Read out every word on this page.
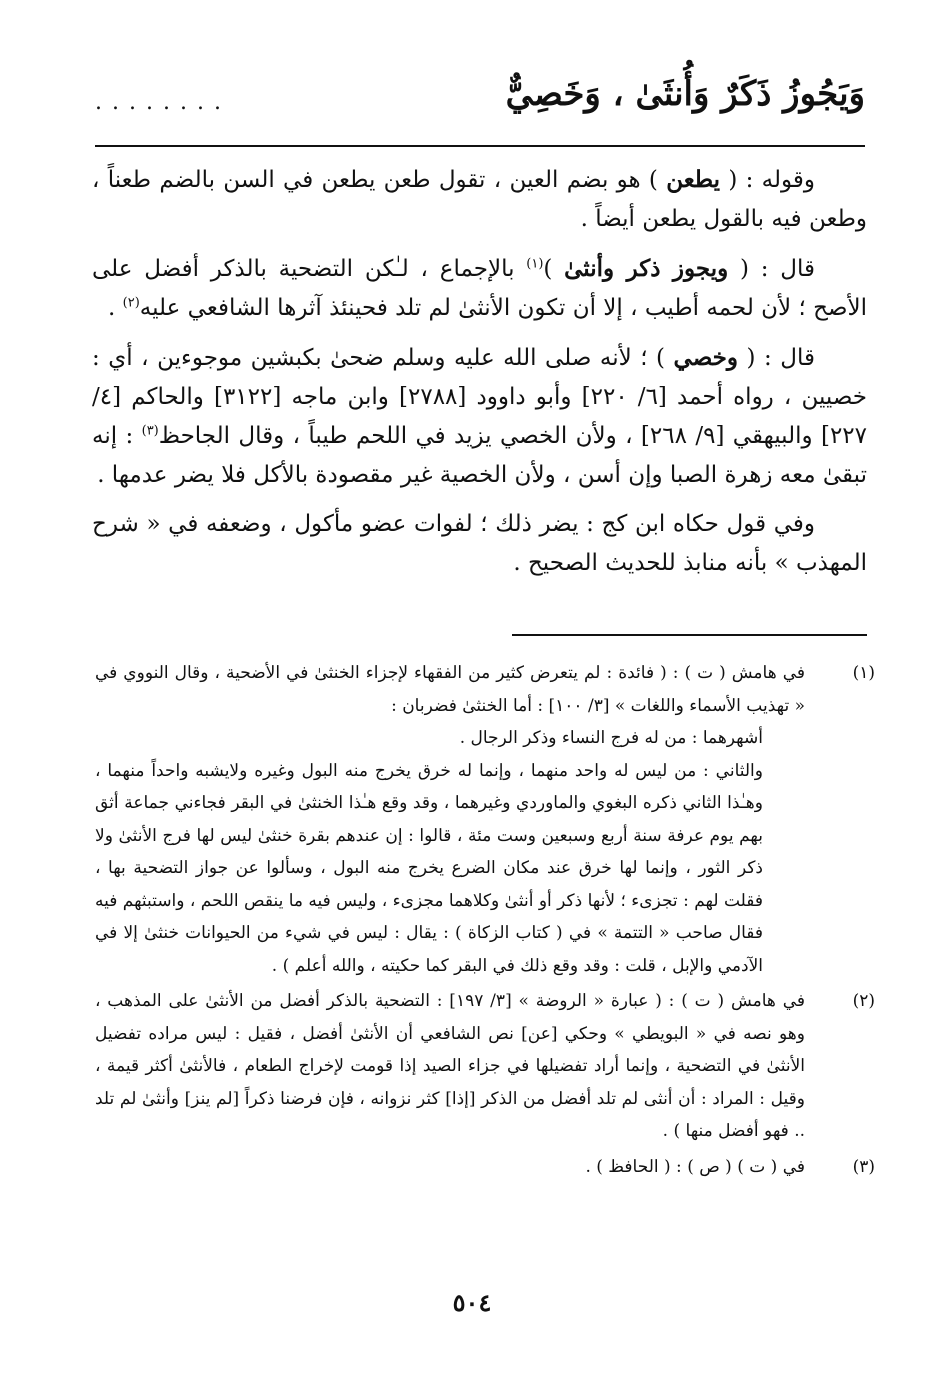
وَيَجُوزُ ذَكَرٌ وَأُنثَىٰ ، وَخَصِيٌّ
........

وقوله : ( يطعن ) هو بضم العين ، تقول طعن يطعن في السن بالضم طعناً ، وطعن فيه بالقول يطعن أيضاً .

قال : ( ويجوز ذكر وأنثىٰ )$^{(١)}$ بالإجماع ، لـٰكن التضحية بالذكر أفضل على الأصح ؛ لأن لحمه أطيب ، إلا أن تكون الأنثىٰ لم تلد فحينئذ آثرها الشافعي عليه$^{(٢)}$ .

قال : ( وخصي ) ؛ لأنه صلى الله عليه وسلم ضحىٰ بكبشين موجوءين ، أي : خصيين ، رواه أحمد [٦/ ٢٢٠] وأبو داوود [٢٧٨٨] وابن ماجه [٣١٢٢] والحاكم [٤/ ٢٢٧] والبيهقي [٩/ ٢٦٨] ، ولأن الخصي يزيد في اللحم طيباً ، وقال الجاحظ$^{(٣)}$ : إنه تبقىٰ معه زهرة الصبا وإن أسن ، ولأن الخصية غير مقصودة بالأكل فلا يضر عدمها .

وفي قول حكاه ابن كج : يضر ذلك ؛ لفوات عضو مأكول ، وضعفه في « شرح المهذب » بأنه منابذ للحديث الصحيح .

(١)
في هامش ( ت ) : ( فائدة : لم يتعرض كثير من الفقهاء لإجزاء الخنثىٰ في الأضحية ، وقال النووي في « تهذيب الأسماء واللغات » [٣/ ١٠٠] : أما الخنثىٰ فضربان :
أشهرهما : من له فرج النساء وذكر الرجال .
والثاني : من ليس له واحد منهما ، وإنما له خرق يخرج منه البول وغيره ولايشبه واحداً منهما ، وهـٰذا الثاني ذكره البغوي والماوردي وغيرهما ، وقد وقع هـٰذا الخنثىٰ في البقر فجاءني جماعة أثق بهم يوم عرفة سنة أربع وسبعين وست مئة ، قالوا : إن عندهم بقرة خنثىٰ ليس لها فرج الأنثىٰ ولا ذكر الثور ، وإنما لها خرق عند مكان الضرع يخرج منه البول ، وسألوا عن جواز التضحية بها ، فقلت لهم : تجزىء ؛ لأنها ذكر أو أنثىٰ وكلاهما مجزىء ، وليس فيه ما ينقص اللحم ، واستبثهم فيه فقال صاحب « التتمة » في ( كتاب الزكاة ) : يقال : ليس في شيء من الحيوانات خنثىٰ إلا في الآدمي والإبل ، قلت : وقد وقع ذلك في البقر كما حكيته ، والله أعلم ) .
(٢)
في هامش ( ت ) : ( عبارة « الروضة » [٣/ ١٩٧] : التضحية بالذكر أفضل من الأنثىٰ على المذهب ، وهو نصه في « البويطي » وحكي [عن] نص الشافعي أن الأنثىٰ أفضل ، فقيل : ليس مراده تفضيل الأنثىٰ في التضحية ، وإنما أراد تفضيلها في جزاء الصيد إذا قومت لإخراج الطعام ، فالأنثىٰ أكثر قيمة ، وقيل : المراد : أن أنثى لم تلد أفضل من الذكر [إذا] كثر نزوانه ، فإن فرضنا ذكراً [لم ينز] وأنثىٰ لم تلد .. فهو أفضل منها ) .
(٣)
في ( ت ) ( ص ) : ( الحافظ ) .
٥٠٤
